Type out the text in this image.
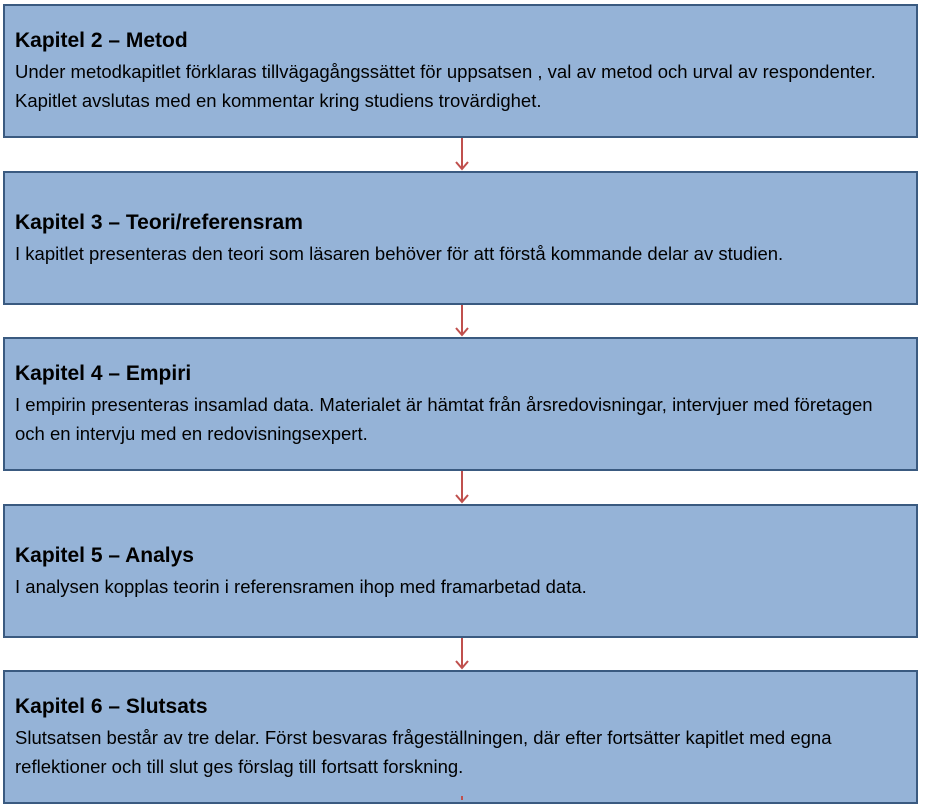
Kapitel 2 – Metod
Under metodkapitlet förklaras tillvägagångssättet för uppsatsen , val av metod och urval av respondenter. Kapitlet avslutas med en kommentar kring studiens trovärdighet.
Kapitel 3 – Teori/referensram
I kapitlet presenteras den teori som läsaren behöver för att förstå kommande delar av studien.
Kapitel 4 – Empiri
I empirin presenteras insamlad data. Materialet är hämtat från årsredovisningar, intervjuer med företagen och en intervju med en redovisningsexpert.
Kapitel 5 – Analys
I analysen kopplas teorin i referensramen ihop med framarbetad data.
Kapitel 6 – Slutsats
Slutsatsen består av tre delar. Först besvaras frågeställningen, där efter fortsätter kapitlet med egna reflektioner och till slut ges förslag till fortsatt forskning.
